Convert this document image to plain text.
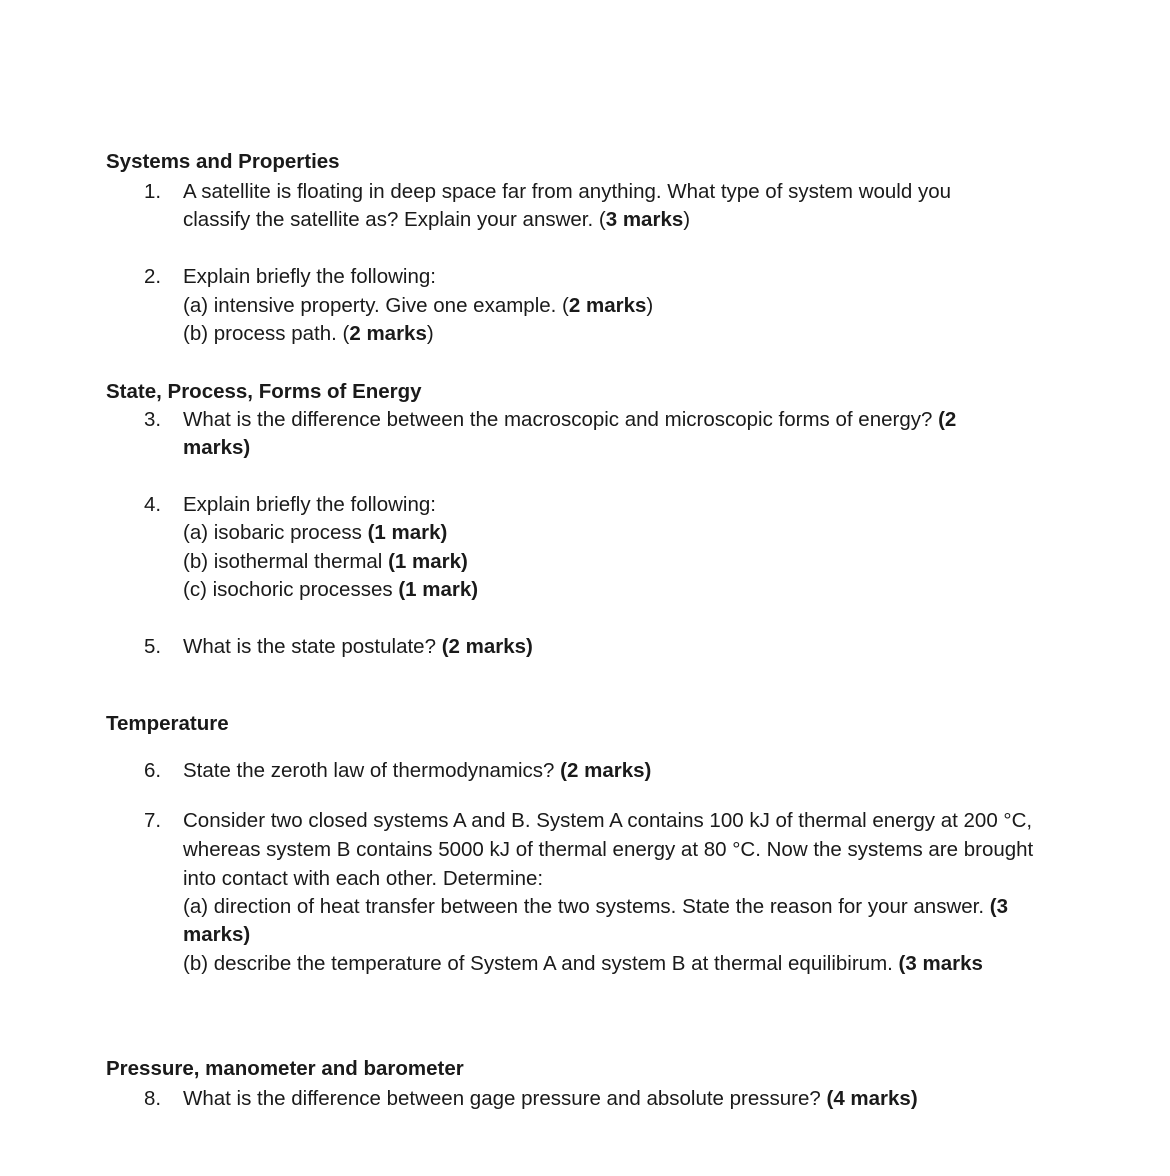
Systems and Properties
1. A satellite is floating in deep space far from anything. What type of system would you
classify the satellite as? Explain your answer. (3 marks)
2. Explain briefly the following:
(a) intensive property. Give one example. (2 marks)
(b) process path. (2 marks)
State, Process, Forms of Energy
3. What is the difference between the macroscopic and microscopic forms of energy? (2
marks)
4. Explain briefly the following:
(a) isobaric process (1 mark)
(b) isothermal thermal (1 mark)
(c) isochoric processes (1 mark)
5. What is the state postulate? (2 marks)
Temperature
6. State the zeroth law of thermodynamics? (2 marks)
7. Consider two closed systems A and B. System A contains 100 kJ of thermal energy at 200 °C,
whereas system B contains 5000 kJ of thermal energy at 80 °C. Now the systems are brought
into contact with each other. Determine:
(a) direction of heat transfer between the two systems. State the reason for your answer. (3
marks)
(b) describe the temperature of System A and system B at thermal equilibirum. (3 marks
Pressure, manometer and barometer
8. What is the difference between gage pressure and absolute pressure? (4 marks)
